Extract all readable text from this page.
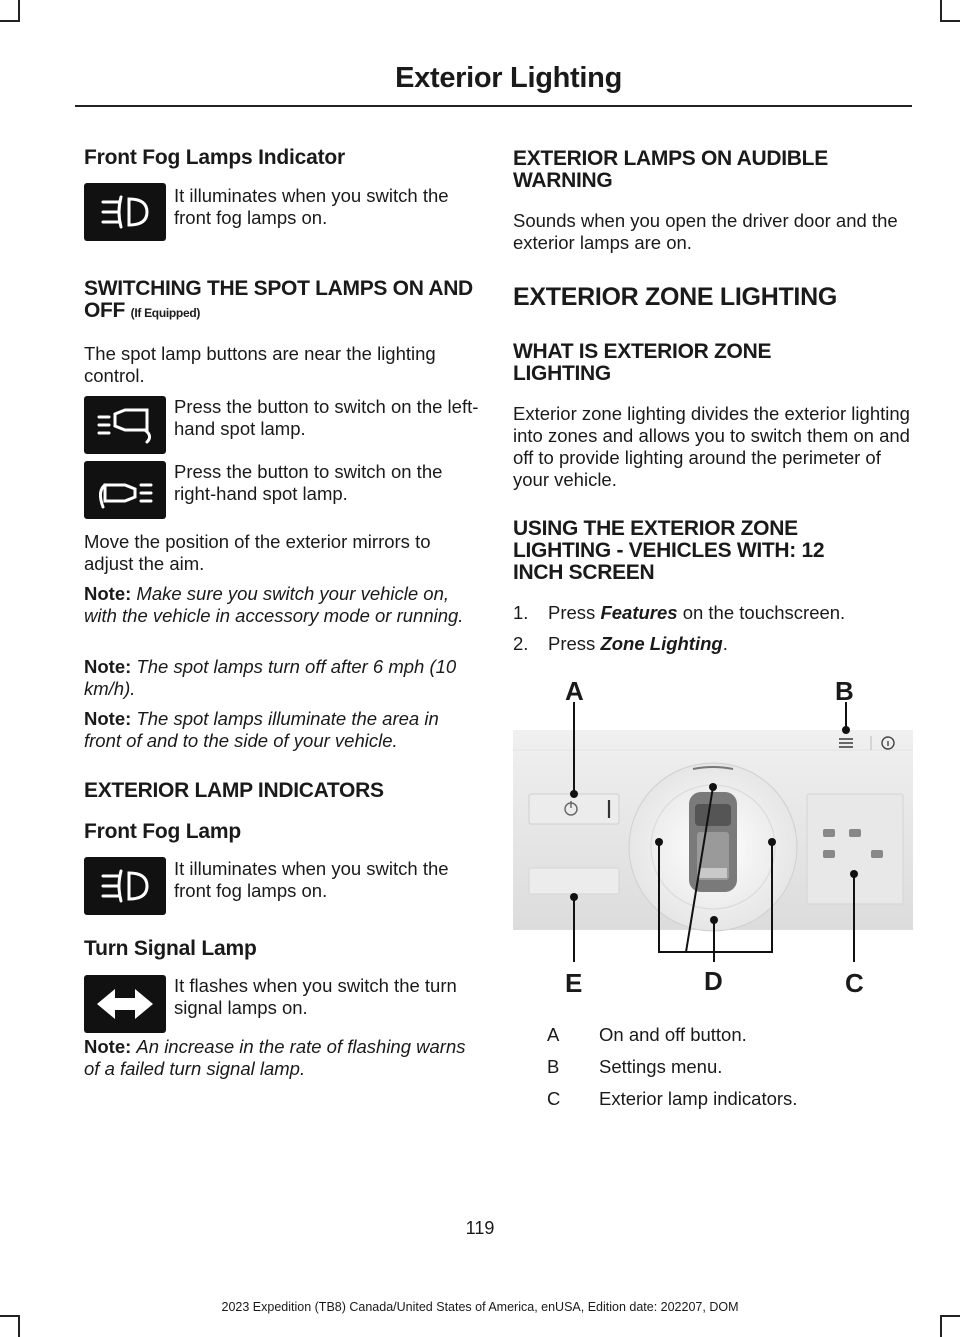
Exterior Lighting
Front Fog Lamps Indicator
It illuminates when you switch the front fog lamps on.
SWITCHING THE SPOT LAMPS ON AND OFF (If Equipped)

The spot lamp buttons are near the lighting control.

Press the button to switch on the left-hand spot lamp.
Press the button to switch on the right-hand spot lamp.

Move the position of the exterior mirrors to adjust the aim.

Note: Make sure you switch your vehicle on, with the vehicle in accessory mode or running.

Note: The spot lamps turn off after 6 mph (10 km/h).

Note: The spot lamps illuminate the area in front of and to the side of your vehicle.

EXTERIOR LAMP INDICATORS
Front Fog Lamp
It illuminates when you switch the front fog lamps on.
Turn Signal Lamp
It flashes when you switch the turn signal lamps on.

Note: An increase in the rate of flashing warns of a failed turn signal lamp.

EXTERIOR LAMPS ON AUDIBLE WARNING

Sounds when you open the driver door and the exterior lamps are on.

EXTERIOR ZONE LIGHTING
WHAT IS EXTERIOR ZONE LIGHTING

Exterior zone lighting divides the exterior lighting into zones and allows you to switch them on and off to provide lighting around the perimeter of your vehicle.

USING THE EXTERIOR ZONE LIGHTING - VEHICLES WITH: 12 INCH SCREEN
1. Press Features on the touchscreen.
2. Press Zone Lighting.
A	B
C
D
E
A On and off button.
B Settings menu.
C Exterior lamp indicators.
119
2023 Expedition (TB8) Canada/United States of America, enUSA, Edition date: 202207, DOM
